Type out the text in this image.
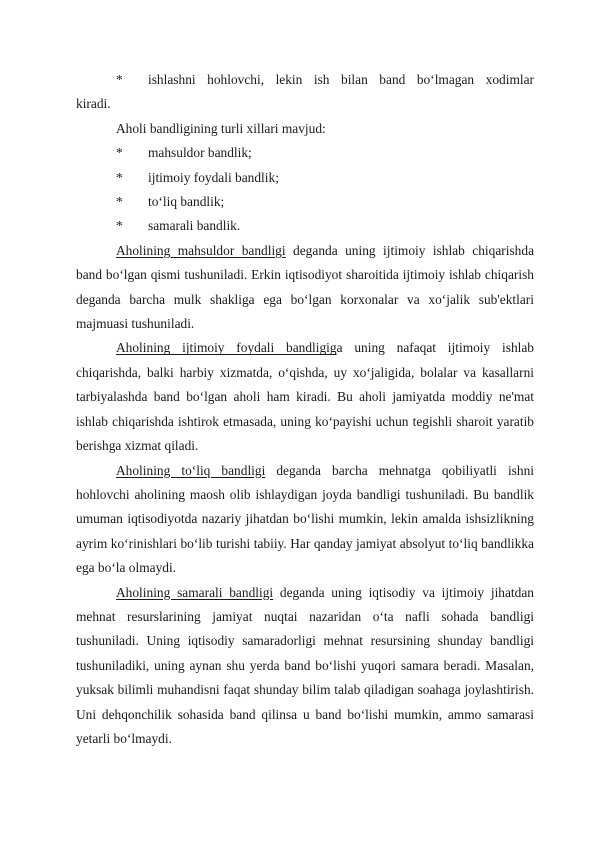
*	ishlashni hohlovchi, lekin ish bilan band bo‘lmagan xodimlar

kiradi.

Aholi bandligining turli xillari mavjud:

*	mahsuldor bandlik;
*	ijtimoiy foydali bandlik;
*	to‘liq bandlik;
*	samarali bandlik.

Aholining mahsuldor bandligi deganda uning ijtimoiy ishlab chiqarishda band bo‘lgan qismi tushuniladi. Erkin iqtisodiyot sharoitida ijtimoiy ishlab chiqarish deganda barcha mulk shakliga ega bo‘lgan korxonalar va xo‘jalik sub'ektlari majmuasi tushuniladi.

Aholining ijtimoiy foydali bandligiga uning nafaqat ijtimoiy ishlab chiqarishda, balki harbiy xizmatda, o‘qishda, uy xo‘jaligida, bolalar va kasallarni tarbiyalashda band bo‘lgan aholi ham kiradi. Bu aholi jamiyatda moddiy ne'mat ishlab chiqarishda ishtirok etmasada, uning ko‘payishi uchun tegishli sharoit yaratib berishga xizmat qiladi.

Aholining to‘liq bandligi deganda barcha mehnatga qobiliyatli ishni hohlovchi aholining maosh olib ishlaydigan joyda bandligi tushuniladi. Bu bandlik umuman iqtisodiyotda nazariy jihatdan bo‘lishi mumkin, lekin amalda ishsizlikning ayrim ko‘rinishlari bo‘lib turishi tabiiy. Har qanday jamiyat absolyut to‘liq bandlikka ega bo‘la olmaydi.

Aholining samarali bandligi deganda uning iqtisodiy va ijtimoiy jihatdan mehnat resurslarining jamiyat nuqtai nazaridan o‘ta nafli sohada bandligi tushuniladi. Uning iqtisodiy samaradorligi mehnat resursining shunday bandligi tushuniladiki, uning aynan shu yerda band bo‘lishi yuqori samara beradi. Masalan, yuksak bilimli muhandisni faqat shunday bilim talab qiladigan soahaga joylashtirish. Uni dehqonchilik sohasida band qilinsa u band bo‘lishi mumkin, ammo samarasi yetarli bo‘lmaydi.
